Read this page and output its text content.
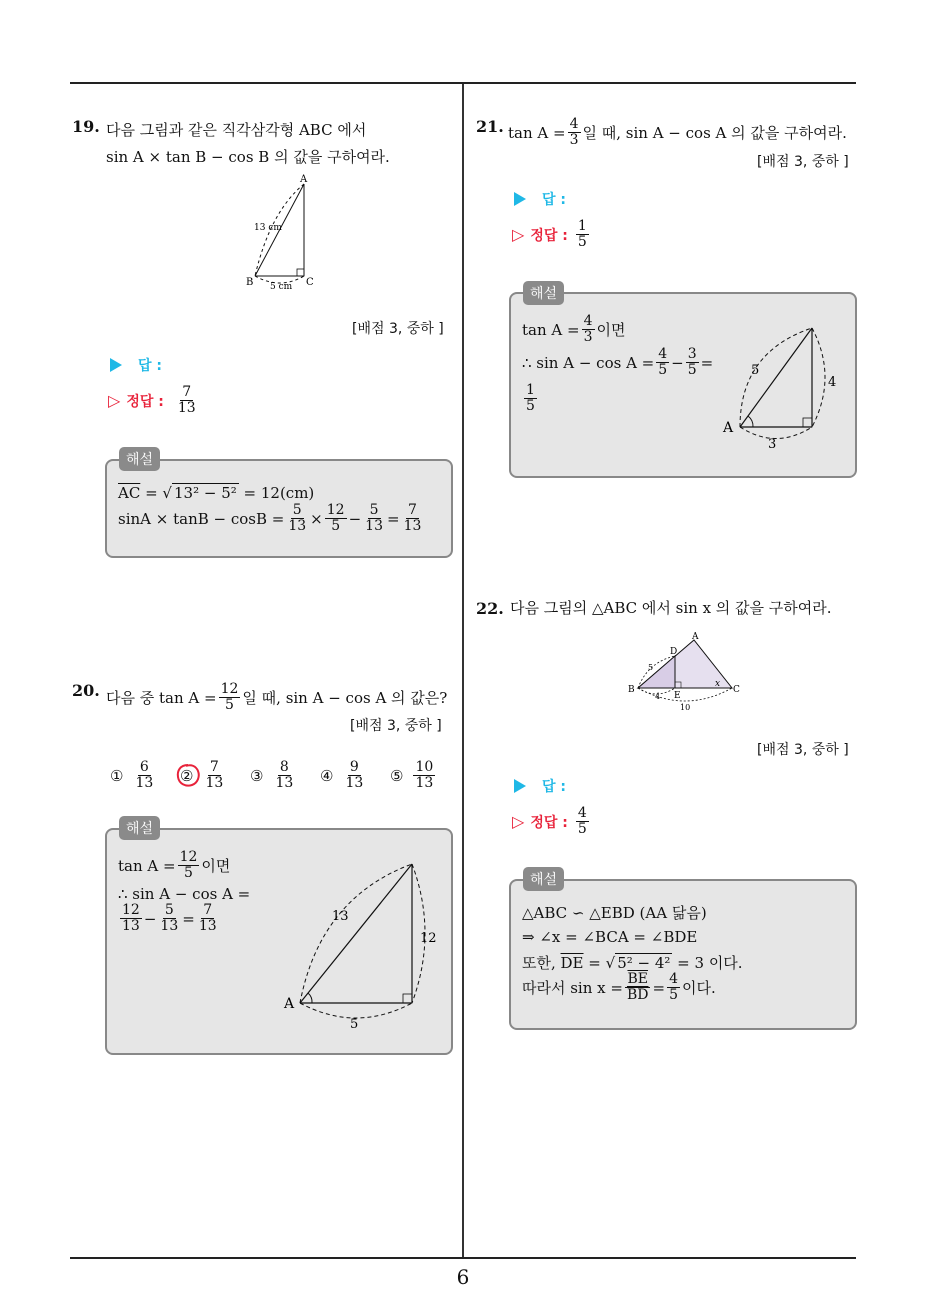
6
19. 다음 그림과 같은 직각삼각형 ABC 에서
sin A × tan B − cos B 의 값을 구하여라.
A
B	C
13 cm
5 cm
[배점 3, 중하 ]
답 :
▷ 정답 : $\frac{7}{13}$
해설
$\overline{AC}$ = √ 13² − 5² = 12(cm)
$\sin A \times \tan B - \cos B = \frac{5}{13} \times \frac{12}{5} - \frac{5}{13} = \frac{7}{13}$
20. 다음 중 $\tan A = \frac{12}{5}$ 일 때, sin A − cos A 의 값은?
[배점 3, 중하 ]
① $\frac{6}{13}$ ② $\frac{7}{13}$ ③ $\frac{8}{13}$ ④ $\frac{9}{13}$ ⑤ $\frac{10}{13}$
해설
$\tan A = \frac{12}{5}$ 이면
∴ sin A − cos A =
$\frac{12}{13} - \frac{5}{13} = \frac{7}{13}$
A
13
12
5
21. $\tan A = \frac{4}{3}$ 일 때, sin A − cos A 의 값을 구하여라.
[배점 3, 중하 ]
답 :
▷ 정답 : $\frac{1}{5}$
해설
$\tan A = \frac{4}{3}$ 이면
∴ $\sin A - \cos A = \frac{4}{5} - \frac{3}{5}$ =
$\frac{1}{5}$
A
5
4
3
22. 다음 그림의 △ABC 에서 sin x 의 값을 구하여라.
A
D
B
E
C
x
5
4
10
[배점 3, 중하 ]
답 :
▷ 정답 : $\frac{4}{5}$
해설
△ABC ∽ △EBD (AA 닮음)
⇒ ∠x = ∠BCA = ∠BDE
또한, $\overline{DE}$ = √ 5² − 4² = 3 이다.
따라서 $\sin x = \frac{\overline{BE}}{BD} = \frac{4}{5}$ 이다.
